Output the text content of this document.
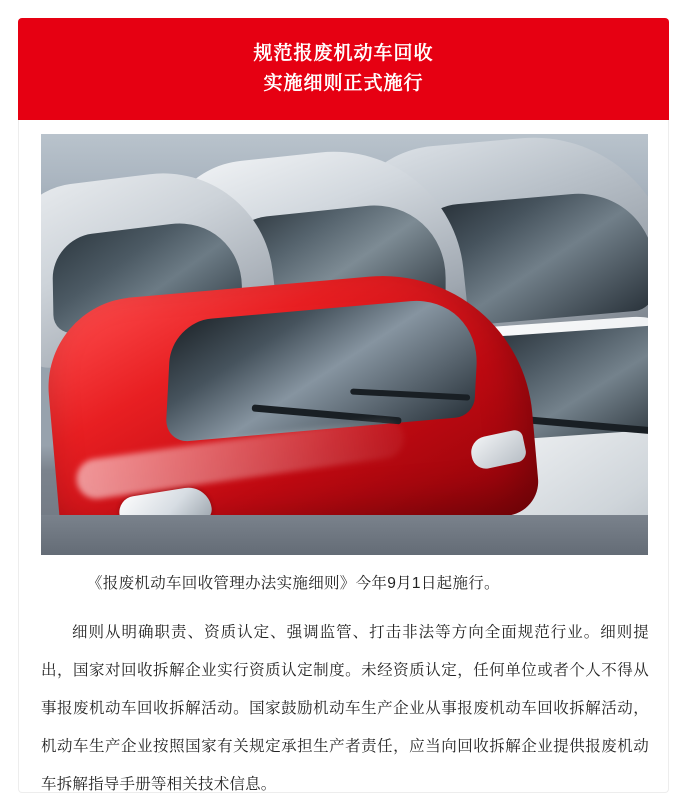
规范报废机动车回收
实施细则正式施行
《报废机动车回收管理办法实施细则》今年9月1日起施行。
细则从明确职责、资质认定、强调监管、打击非法等方向全面规范行业。细则提出，国家对回收拆解企业实行资质认定制度。未经资质认定，任何单位或者个人不得从事报废机动车回收拆解活动。国家鼓励机动车生产企业从事报废机动车回收拆解活动，机动车生产企业按照国家有关规定承担生产者责任，应当向回收拆解企业提供报废机动车拆解指导手册等相关技术信息。
